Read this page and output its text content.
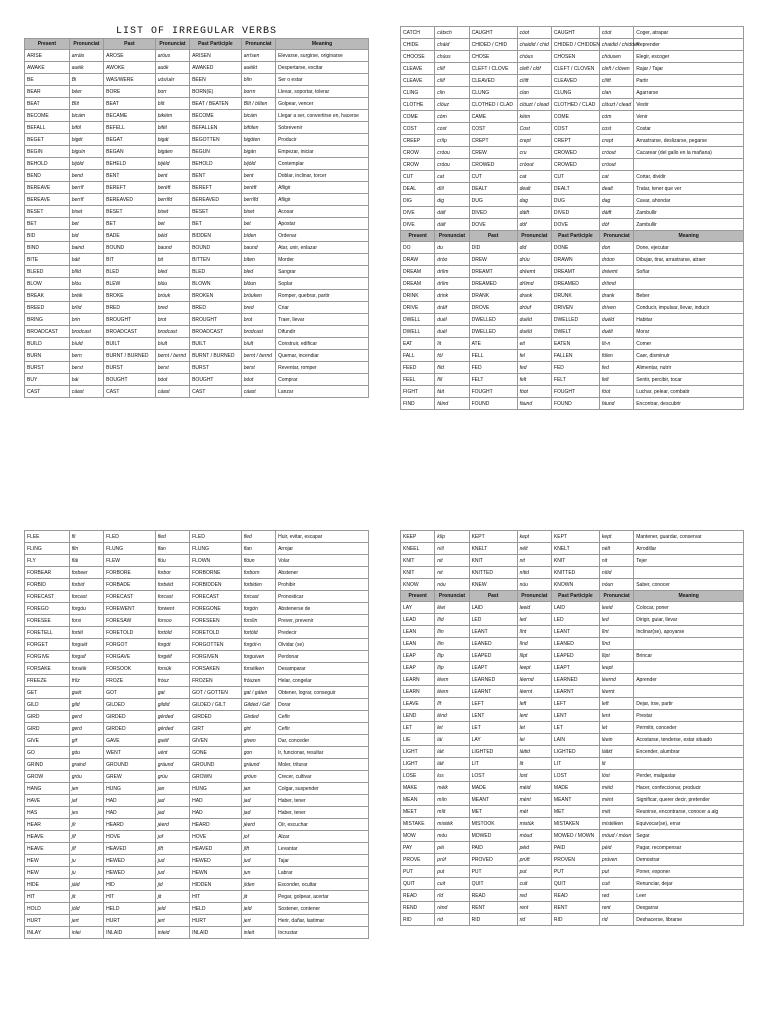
LIST OF IRREGULAR VERBS
Present	Pronunciat	Past	Pronunciat	Past Participle	Pronunciat	Meaning
ARISE	arráis	AROSE	aróus	ARISEN	arrísen	Elevarse, surgirse, originarse
AWAKE	auéik	AWOKE	auók	AWAKED	auéikt	Despertarse, excitar
BE	Bi	WAS/WERE	uós/uér	BEEN	bîin	Ser o estar
BEAR	béer	BORE	borr	BORN(E)	borrn	Llevar, soportar, tolerar
BEAT	Bîit	BEAT	bîit	BEAT / BEATEN	Bîit / bîiten	Golpear, vencer
BECOME	bicám	BECAME	bikéim	BECOME	bicám	Llegar a ser, convertirse en, hacerse
BEFALL	bifól	BEFELL	bifél	BEFALLEN	bifólen	Sobrevenir
BEGET	bigét	BEGAT	bigát	BEGOTTEN	bigóten	Producir
BEGIN	biguín	BEGAN	bigáen	BEGUN	bigán	Empezar, iniciar
BEHOLD	bijóld	BEHELD	bijéld	BEHOLD	bijóld	Contemplar
BEND	bend	BENT	bent	BENT	bent	Doblar, inclinar, torcer
BEREAVE	berrîf	BEREFT	beréft	BEREFT	beréft	Afligir
BEREAVE	berrîf	BEREAVED	berrîfd	BEREAVED	berrîfd	Afligir
BESET	biset	BESET	biset	BESET	biset	Acosar
BET	bet	BET	bet	BET	bet	Apostar
BID	bid	BADE	béid	BIDDEN	bíden	Ordenar
BIND	baind	BOUND	baund	BOUND	baund	Atar, unir, enlazar
BITE	báit	BIT	bit	BITTEN	bíten	Morder
BLEED	blîid	BLED	bled	BLED	bled	Sangrar
BLOW	blóu	BLEW	blúu	BLOWN	blóun	Soplar
BREAK	bréik	BROKE	bróuk	BROKEN	bróuken	Romper, quebrar, partir
BREED	brîid	BRED	bred	BRED	bred	Criar
BRING	brin	BROUGHT	brot	BROUGHT	brot	Traer, llevar
BROADCAST	brodcast	BROADCAST	brodcast	BROADCAST	brodcast	Difundir
BUILD	bíuld	BUILT	bíult	BUILT	bíult	Construir, edificar
BURN	bern	BURNT / BURNED	bernt / bernd	BURNT / BURNED	bernt / bernd	Quemar, incendiar
BURST	berst	BURST	berst	BURST	berst	Reventar, romper
BUY	bái	BOUGHT	bóot	BOUGHT	bóot	Comprar
CAST	cáast	CAST	cáast	CAST	cáast	Lanzar
CATCH	cátxch	CAUGHT	cóot	CAUGHT	cóot	Coger, atrapar
CHIDE	cháid	CHIDED / CHID	chaidid / chid	CHIDED / CHIDDEN	chaidid / chidden	Reprender
CHOOSE	chúus	CHOSE	chóus	CHOSEN	chóusen	Elegir, escoger
CLEAVE	clíif	CLEFT / CLOVE	cleft / clóf	CLEFT / CLOVEN	cleft / clóven	Rajar / Tajar
CLEAVE	clíif	CLEAVED	clíift	CLEAVED	clíift	Partir
CLING	clin	CLUNG	clan	CLUNG	clan	Agarrarse
CLOTHE	clóuz	CLOTHED / CLAD	clóuzt / clead	CLOTHED / CLAD	clóuzt / clead	Vestir
COME	cóm	CAME	kéim	COME	cóm	Venir
COST	cost	COST	Cost	COST	cost	Costar
CREEP	crîip	CREPT	crept	CREPT	crept	Arrastrarse, deslizarse, pegarse
CROW	cróou	CREW	cru	CROWED	cróout	Cacarear (del gallo en la mañana)
CROW	cróou	CROWED	cróout	CROWED	cróout	
CUT	cat	CUT	cat	CUT	cat	Cortar, dividir
DEAL	dîil	DEALT	dealt	DEALT	dealt	Tratar, tener que ver
DIG	dig	DUG	dag	DUG	dag	Cavar, ahondar
DIVE	dáif	DIVED	dáift	DIVED	dáift	Zambullir
DIVE	dáif	DOVE	dóf	DOVE	dóf	Zambullir
Present	Pronunciat	Past	Pronunciat	Past Participle	Pronunciat	Meaning
DO	du	DID	did	DONE	don	Done, ejecutar
DRAW	dróo	DREW	drúu	DRAWN	dróon	Dibujar, tirar, arrastrarse, atraer
DREAM	drîim	DREAMT	dréemt	DREAMT	dréemt	Soñar
DREAM	drîim	DREAMED	drîimd	DREAMED	drîimd	
DRINK	drink	DRANK	drank	DRUNK	drank	Beber
DRIVE	dráif	DROVE	dróuf	DRIVEN	dríven	Conducir, impulsar, llevar, inducir
DWELL	duél	DWELLED	duéld	DWELLED	duéld	Habitar
DWELL	duél	DWELLED	duéld	DWELT	duélt	Morar
EAT	îit	ATE	eit	EATEN	îit-n	Comer
FALL	fól	FELL	fel	FALLEN	fólen	Caer, disminuir
FEED	fîid	FED	fed	FED	fed	Alimentar, nutrir
FEEL	fîil	FELT	felt	FELT	felt	Sentir, percibir, tocar
FIGHT	fáit	FOUGHT	fóot	FOUGHT	fóot	Luchar, pelear, combatir
FIND	fáind	FOUND	fáund	FOUND	fáund	Encontrar, descubrir
FLEE	fli	FLED	fled	FLED	fled	Huir, evitar, escapar
FLING	flin	FLUNG	flan	FLUNG	flan	Arrojar
FLY	flái	FLEW	flúu	FLOWN	flóun	Volar
FORBEAR	forbeer	FORBORE	forbor	FORBORNE	forborn	Abstener
FORBID	forbid	FORBADE	forbéid	FORBIDDEN	forbiden	Prohibir
FORECAST	forcast	FORECAST	forcast	FORECAST	forcast	Pronosticar
FOREGO	forgóu	FOREWENT	forwent	FOREGONE	forgón	Abstenerse de
FORESEE	forsi	FORESAW	forsoo	FORESEEN	forsîin	Prever, prevenir
FORETELL	fortél	FORETOLD	fortóld	FORETOLD	fortóld	Predecir
FORGET	forguét	FORGOT	forgót	FORGOTTEN	forgót-n	Olvidar (se)
FORGIVE	forguif	FORGAVE	forgéif	FORGIVEN	forguiven	Perdonar
FORSAKE	forséik	FORSOOK	forsúk	FORSAKEN	forséiken	Desamparar
FREEZE	frîiz	FROZE	fróuz	FROZEN	fróuzen	Helar, congelar
GET	guét	GOT	gat	GOT / GOTTEN	gat / gáten	Obtener, lograr, conseguir
GILD	gild	GILDED	gildid	GILDED / GILT	Gilded / Gilt	Dorar
GIRD	gerd	GIRDED	gérded	GIRDED	Girded	Ceñir
GIRD	gerd	GIRDED	gérded	GIRT	girt	Ceñir
GIVE	gif	GAVE	guéif	GIVEN	given	Dar, conceder
GO	góu	WENT	uént	GONE	gon	Ir, funcionar, resultar
GRIND	graind	GROUND	gráund	GROUND	gráund	Moler, triturar
GROW	gróu	GREW	grúu	GROWN	gróun	Crecer, cultivar
HANG	jen	HUNG	jan	HUNG	jan	Colgar, suspender
HAVE	jaf	HAD	jad	HAD	jad	Haber, tener
HAS	jes	HAD	jad	HAD	jad	Haber, tener
HEAR	jîr	HEARD	jéerd	HEARD	jéerd	Oír, escuchar
HEAVE	jîf	HOVE	jof	HOVE	jof	Alzar
HEAVE	jîf	HEAVED	jîft	HEAVED	jîft	Levantar
HEW	ju	HEWED	jud	HEWED	jud	Tajar
HEW	ju	HEWED	jud	HEWN	jun	Labrar
HIDE	jáid	HID	jid	HIDDEN	jíden	Esconder, ocultar
HIT	jit	HIT	jit	HIT	jit	Pegar, golpear, acertar
HOLD	jóld	HELD	jeld	HELD	jeld	Sostener, contener
HURT	jert	HURT	jert	HURT	jert	Herir, dañar, lastimar
INLAY	inlei	INLAID	inleid	INLAID	inleit	Incrustar
KEEP	kîip	KEPT	kept	KEPT	kept	Mantener, guardar, conservar
KNEEL	níil	KNELT	nélt	KNELT	nélt	Arrodillar
KNIT	nit	KNIT	nit	KNIT	nit	Tejer
KNIT	nit	KNITTED	nítid	KNITTED	nítid	
KNOW	nóu	KNEW	núu	KNOWN	nóun	Saber, conocer
Present	Pronunciat	Past	Pronunciat	Past Participle	Pronunciat	Meaning
LAY	léei	LAID	leeid	LAID	leeid	Colocar, poner
LEAD	lîid	LED	led	LED	led	Dirigir, guiar, llevar
LEAN	lîin	LEANT	lînt	LEANT	lînt	Inclinar(se), apoyarse
LEAN	lîin	LEANED	lînd	LEANED	lînd	
LEAP	lîip	LEAPED	lîipt	LEAPED	lîipt	Brincar
LEAP	lîip	LEAPT	leept	LEAPT	leept	
LEARN	léern	LEARNED	léernd	LEARNED	léernd	Aprender
LEARN	léern	LEARNT	léernt	LEARNT	léernt	
LEAVE	lîf	LEFT	left	LEFT	left	Dejar, irse, partir
LEND	lénd	LENT	lent	LENT	lent	Prestar
LET	let	LET	let	LET	let	Permitir, conceder
LIE	lái	LAY	lei	LAIN	léein	Acostarse, tenderse, estar situado
LIGHT	láit	LIGHTED	láitid	LIGHTED	láitid	Encender, alumbrar
LIGHT	láit	LIT	lit	LIT	lit	
LOSE	lus	LOST	lost	LOST	lóst	Perder, malgastar
MAKE	méik	MADE	méid	MADE	méid	Hacer, confeccionar, producir
MEAN	míin	MEANT	mént	MEANT	mént	Significar, querer decir, pretender
MEET	mîit	MET	mét	MET	mét	Reunirse, encontrarse, conocer a alg
MISTAKE	mistéik	MISTOOK	mistúk	MISTAKEN	mistéiken	Equivocar(se), errar
MOW	móu	MOWED	móud	MOWED / MOWN	móud / móun	Segar
PAY	péi	PAID	péid	PAID	péid	Pagar, recompensar
PROVE	prúf	PROVED	prúft	PROVEN	prúven	Demostrar
PUT	put	PUT	put	PUT	put	Poner, exponer
QUIT	cuit	QUIT	cuit	QUIT	cuit	Renunciar, dejar
READ	rîd	READ	red	READ	red	Leer
REND	rénd	RENT	rent	RENT	rent	Desgarrar
RID	rid	RID	rid	RID	rid	Deshacerse, librarse
